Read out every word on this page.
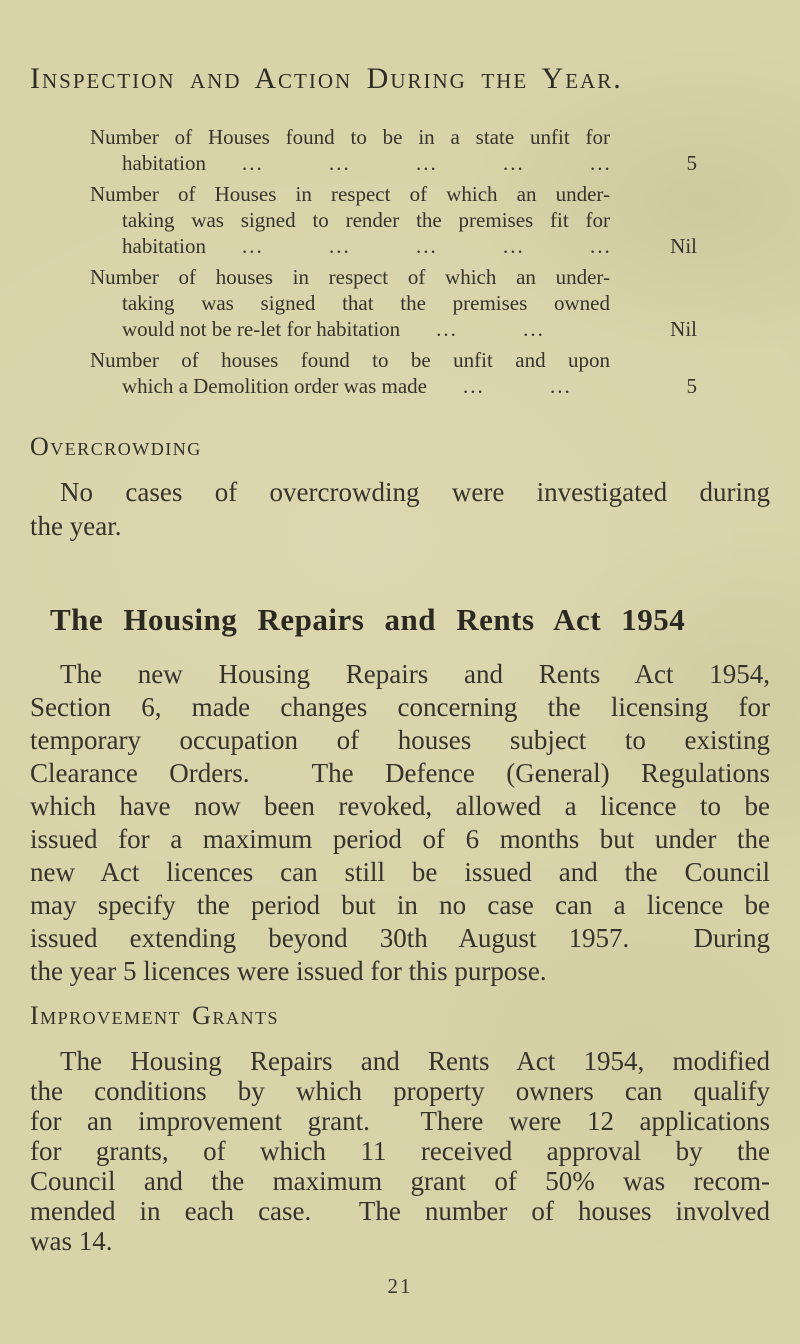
Inspection and Action During the Year.
Number of Houses found to be in a state unfit for
habitation ...         ...         ...         ...         ...	5
Number of Houses in respect of which an under-
taking was signed to render the premises fit for
habitation ...         ...         ...         ...         ...	Nil
Number of houses in respect of which an under-
taking was signed that the premises owned
would not be re-let for habitation ...         ...	Nil
Number of houses found to be unfit and upon
which a Demolition order was made ...         ...	5
Overcrowding
No cases of overcrowding were investigated during
the year.
The Housing Repairs and Rents Act 1954
The new Housing Repairs and Rents Act 1954,
Section 6, made changes concerning the licensing for
temporary occupation of houses subject to existing
Clearance Orders.  The Defence (General) Regulations
which have now been revoked, allowed a licence to be
issued for a maximum period of 6 months but under the
new Act licences can still be issued and the Council
may specify the period but in no case can a licence be
issued extending beyond 30th August 1957.  During
the year 5 licences were issued for this purpose.
Improvement Grants
The Housing Repairs and Rents Act 1954, modified
the conditions by which property owners can qualify
for an improvement grant.  There were 12 applications
for grants, of which 11 received approval by the
Council and the maximum grant of 50% was recom-
mended in each case.  The number of houses involved
was 14.
21
